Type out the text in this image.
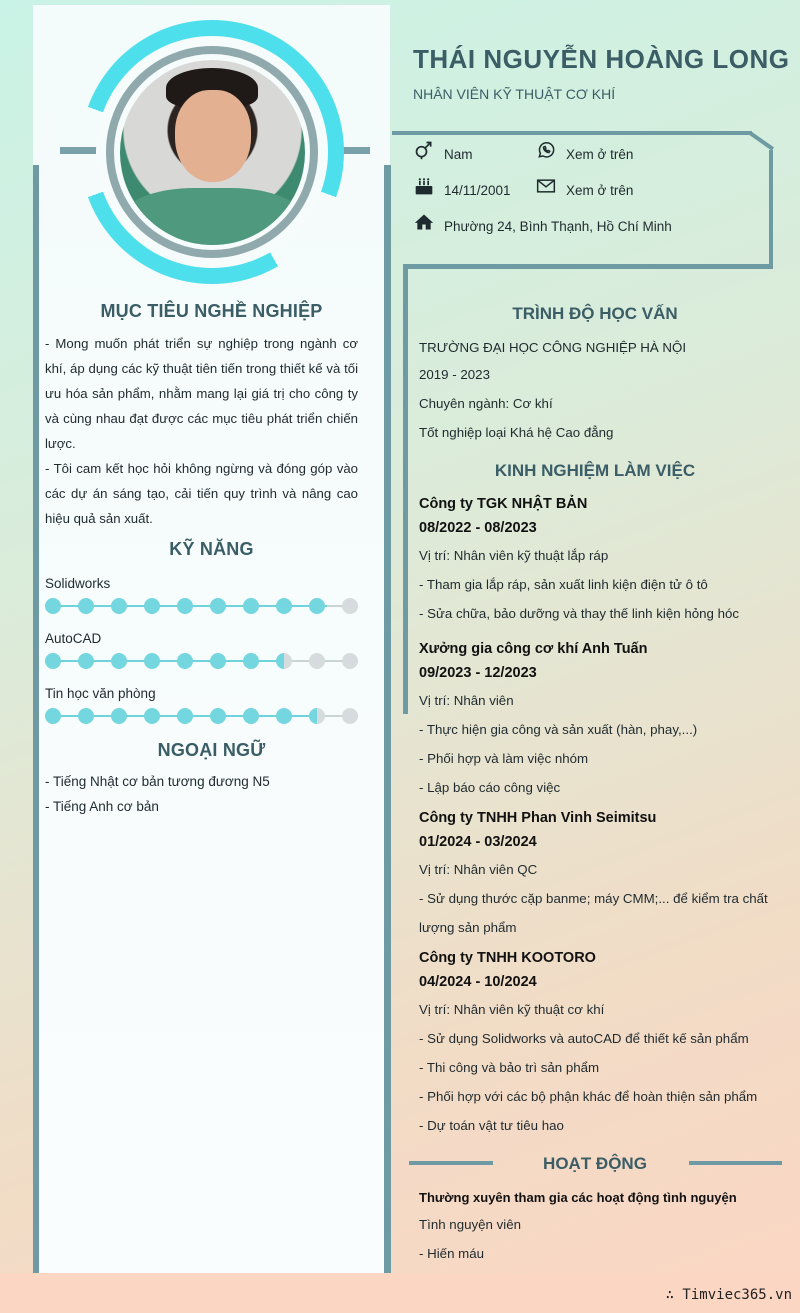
MỤC TIÊU NGHỀ NGHIỆP
- Mong muốn phát triển sự nghiệp trong ngành cơ khí, áp dụng các kỹ thuật tiên tiến trong thiết kế và tối ưu hóa sản phẩm, nhằm mang lại giá trị cho công ty và cùng nhau đạt được các mục tiêu phát triển chiến lược.
- Tôi cam kết học hỏi không ngừng và đóng góp vào các dự án sáng tạo, cải tiến quy trình và nâng cao hiệu quả sản xuất.
KỸ NĂNG
Solidworks
AutoCAD
Tin học văn phòng
NGOẠI NGỮ
- Tiếng Nhật cơ bản tương đương N5
- Tiếng Anh cơ bản
THÁI NGUYỄN HOÀNG LONG
NHÂN VIÊN KỸ THUẬT CƠ KHÍ
Nam	Xem ở trên
14/11/2001	Xem ở trên
Phường 24, Bình Thạnh, Hồ Chí Minh
TRÌNH ĐỘ HỌC VẤN
TRƯỜNG ĐẠI HỌC CÔNG NGHIỆP HÀ NỘI
2019 - 2023
Chuyên ngành: Cơ khí
Tốt nghiệp loại Khá hệ Cao đẳng
KINH NGHIỆM LÀM VIỆC
Công ty TGK NHẬT BẢN
08/2022 - 08/2023
Vị trí: Nhân viên kỹ thuật lắp ráp
- Tham gia lắp ráp, sản xuất linh kiện điện tử ô tô
- Sửa chữa, bảo dưỡng và thay thế linh kiện hỏng hóc
Xưởng gia công cơ khí Anh Tuấn
09/2023 - 12/2023
Vị trí: Nhân viên
- Thực hiện gia công và sản xuất (hàn, phay,...)
- Phối hợp và làm việc nhóm
- Lập báo cáo công việc
Công ty TNHH Phan Vinh Seimitsu
01/2024 - 03/2024
Vị trí: Nhân viên QC
- Sử dụng thước cặp banme; máy CMM;... để kiểm tra chất lượng sản phẩm
Công ty TNHH KOOTORO
04/2024 - 10/2024
Vị trí: Nhân viên kỹ thuật cơ khí
- Sử dụng Solidworks và autoCAD để thiết kế sản phẩm
- Thi công và bảo trì sản phẩm
- Phối hợp với các bộ phận khác để hoàn thiện sản phẩm
- Dự toán vật tư tiêu hao
HOẠT ĐỘNG
Thường xuyên tham gia các hoạt động tình nguyện
Tình nguyện viên
- Hiến máu
∴ Timviec365.vn
